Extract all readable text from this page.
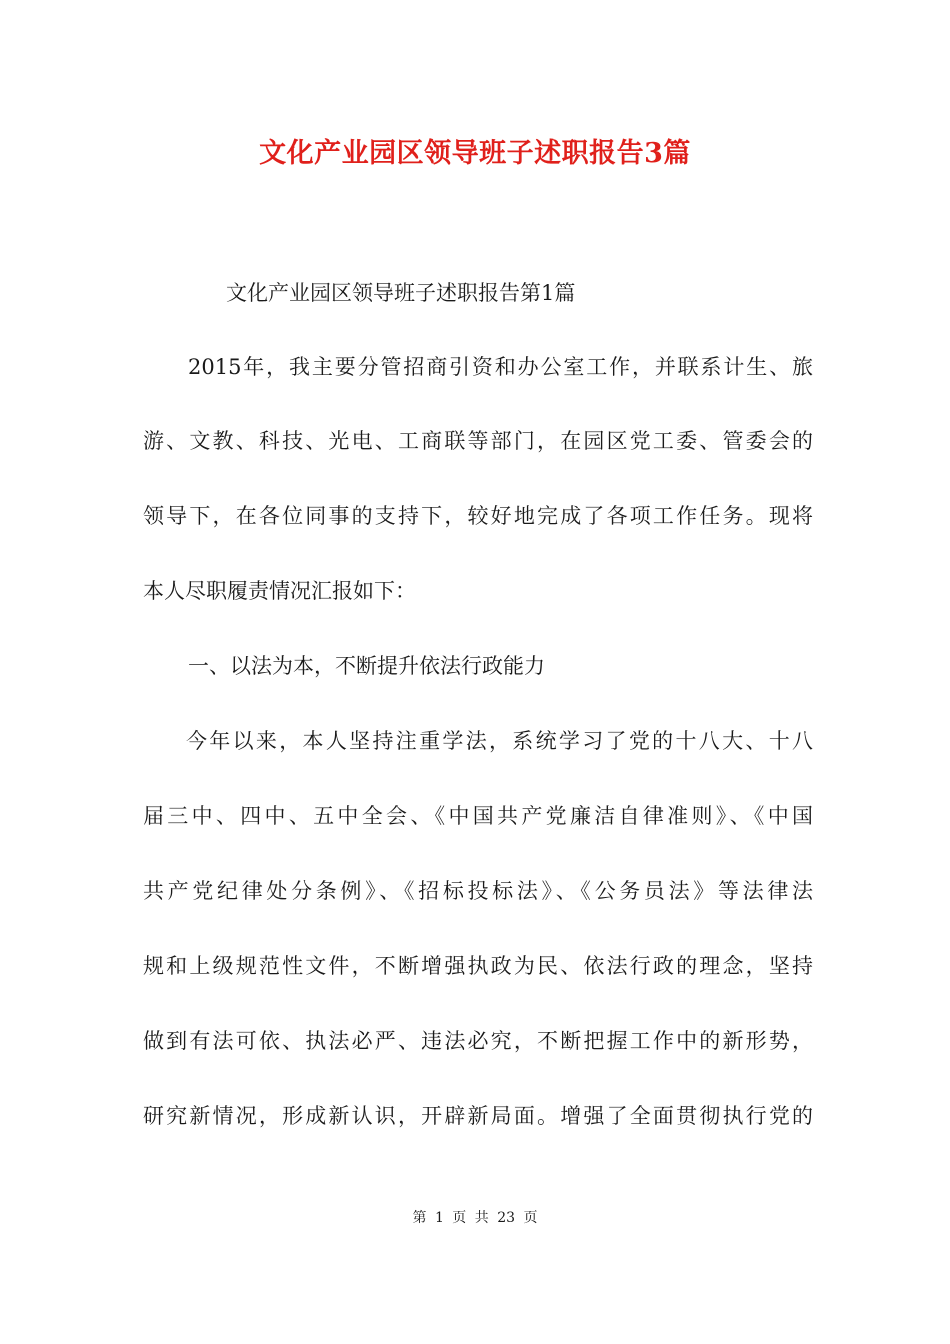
文化产业园区领导班子述职报告3篇
文化产业园区领导班子述职报告第1篇
2015年，我主要分管招商引资和办公室工作，并联系计生、旅
游、文教、科技、光电、工商联等部门，在园区党工委、管委会的
领导下，在各位同事的支持下，较好地完成了各项工作任务。现将
本人尽职履责情况汇报如下：
一、以法为本，不断提升依法行政能力
今年以来，本人坚持注重学法，系统学习了党的十八大、十八
届三中、四中、五中全会、《中国共产党廉洁自律准则》、《中国
共产党纪律处分条例》、《招标投标法》、《公务员法》等法律法
规和上级规范性文件，不断增强执政为民、依法行政的理念，坚持
做到有法可依、执法必严、违法必究，不断把握工作中的新形势，
研究新情况，形成新认识，开辟新局面。增强了全面贯彻执行党的
第 1 页 共 23 页
